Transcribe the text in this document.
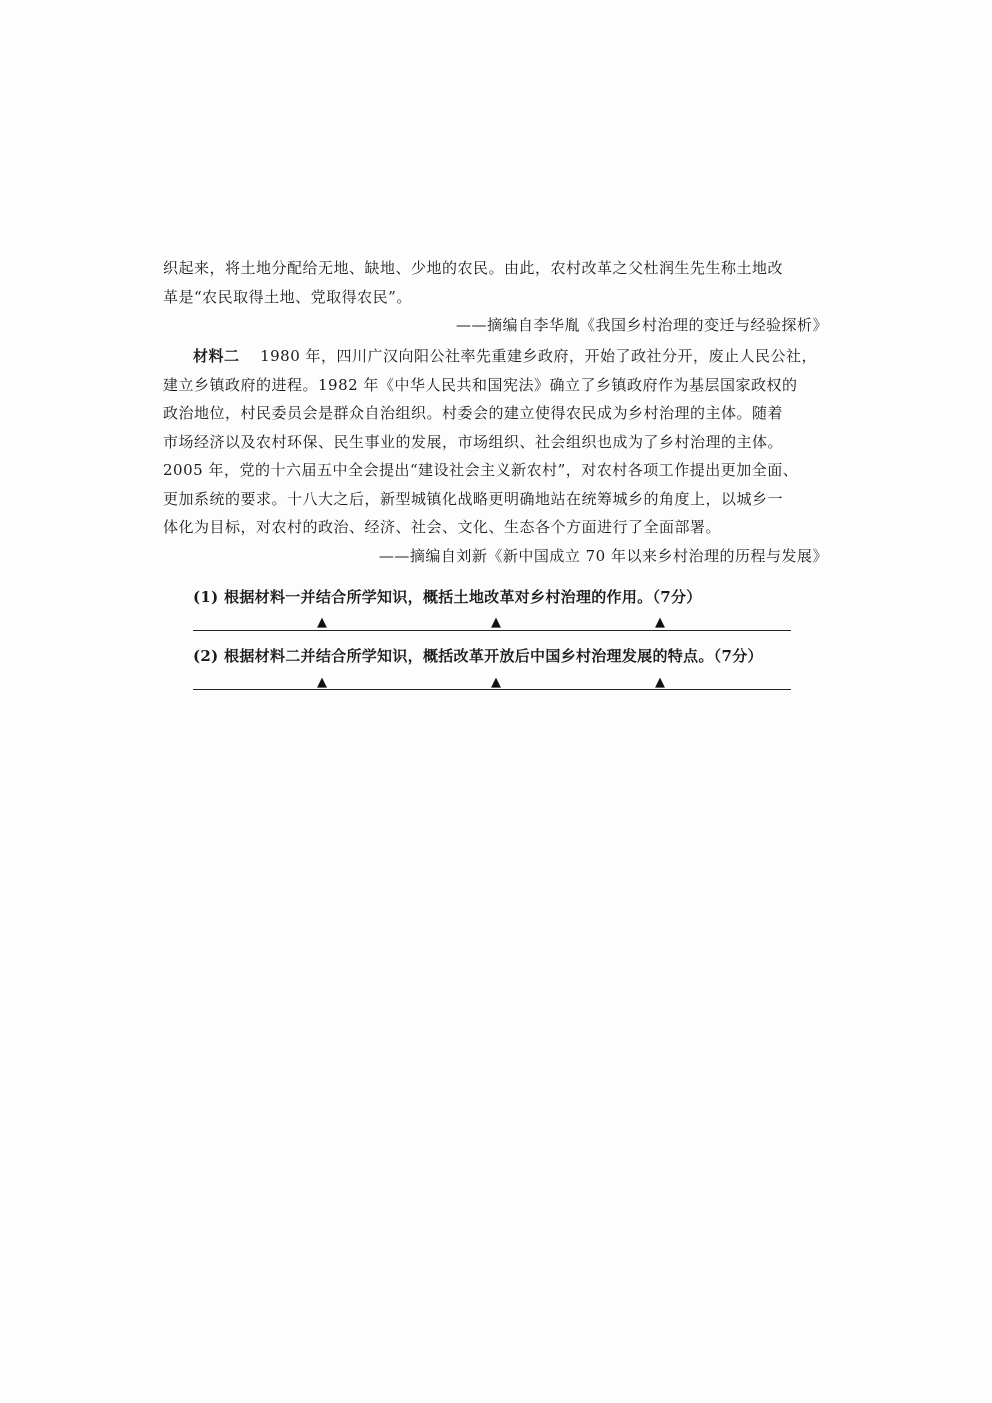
织起来，将土地分配给无地、缺地、少地的农民。由此，农村改革之父杜润生先生称土地改
革是“农民取得土地、党取得农民”。
——摘编自李华胤《我国乡村治理的变迁与经验探析》
材料二 1980 年，四川广汉向阳公社率先重建乡政府，开始了政社分开，废止人民公社，
建立乡镇政府的进程。1982 年《中华人民共和国宪法》确立了乡镇政府作为基层国家政权的
政治地位，村民委员会是群众自治组织。村委会的建立使得农民成为乡村治理的主体。随着
市场经济以及农村环保、民生事业的发展，市场组织、社会组织也成为了乡村治理的主体。
2005 年，党的十六届五中全会提出“建设社会主义新农村”，对农村各项工作提出更加全面、
更加系统的要求。十八大之后，新型城镇化战略更明确地站在统筹城乡的角度上，以城乡一
体化为目标，对农村的政治、经济、社会、文化、生态各个方面进行了全面部署。
——摘编自刘新《新中国成立 70 年以来乡村治理的历程与发展》
(1) 根据材料一并结合所学知识，概括土地改革对乡村治理的作用。（7分）
▲	▲	▲
(2) 根据材料二并结合所学知识，概括改革开放后中国乡村治理发展的特点。（7分）
▲	▲	▲
